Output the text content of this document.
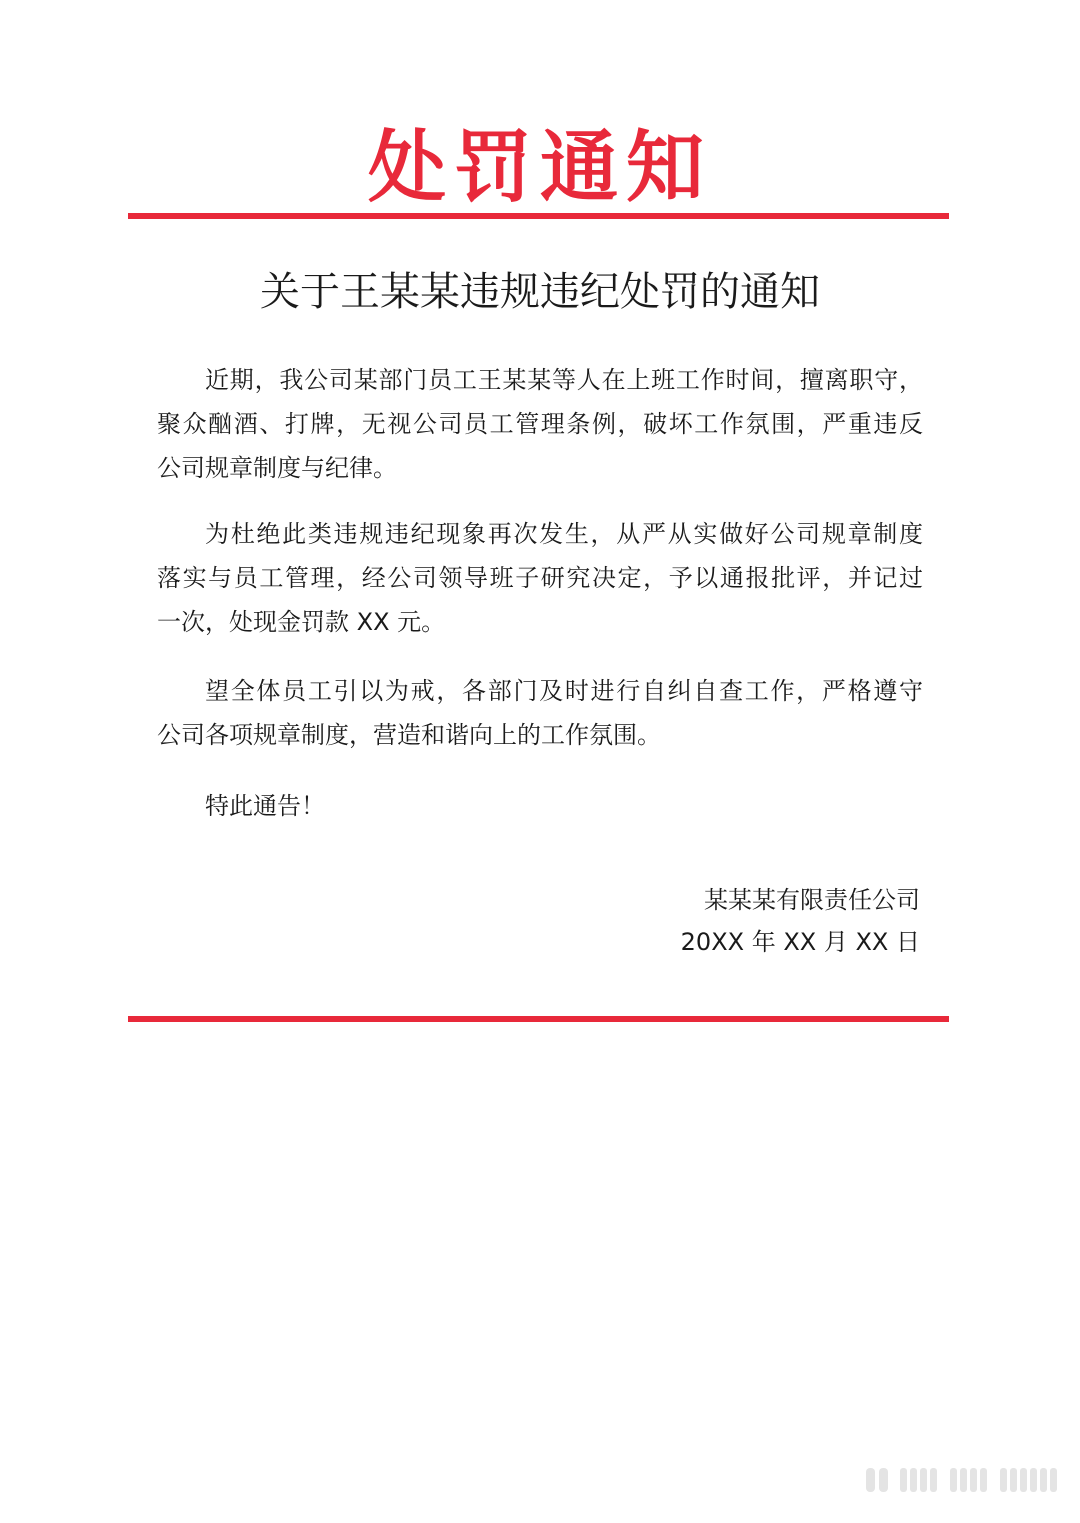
处罚通知
关于王某某违规违纪处罚的通知
近期，我公司某部门员工王某某等人在上班工作时间，擅离职守，
聚众酗酒、打牌，无视公司员工管理条例，破坏工作氛围，严重违反
公司规章制度与纪律。
为杜绝此类违规违纪现象再次发生，从严从实做好公司规章制度
落实与员工管理，经公司领导班子研究决定，予以通报批评，并记过
一次，处现金罚款 XX 元。
望全体员工引以为戒，各部门及时进行自纠自查工作，严格遵守
公司各项规章制度，营造和谐向上的工作氛围。
特此通告！
某某某有限责任公司
20XX 年 XX 月 XX 日
